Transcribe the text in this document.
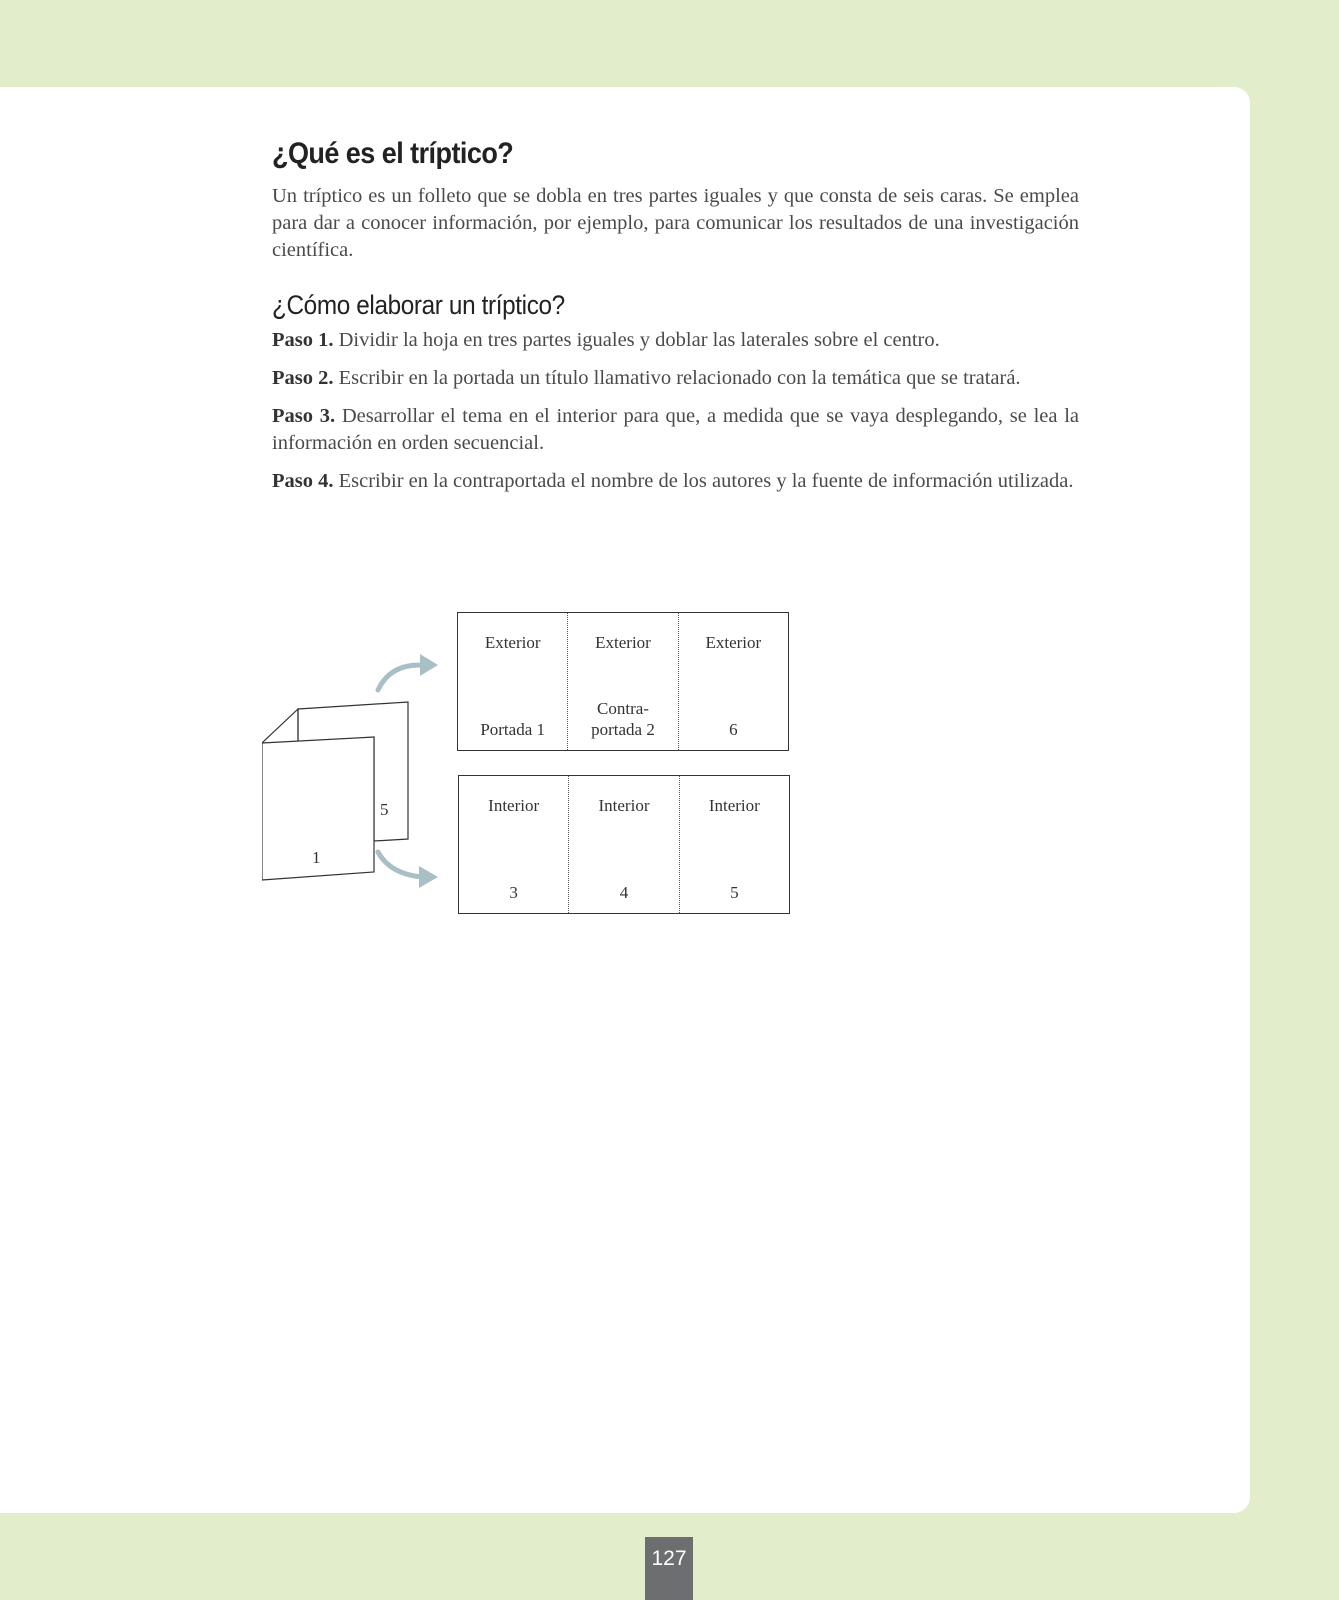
¿Qué es el tríptico?

Un tríptico es un folleto que se dobla en tres partes iguales y que consta de seis caras. Se emplea para dar a conocer información, por ejemplo, para comunicar los resultados de una investigación científica.

¿Cómo elaborar un tríptico?

Paso 1. Dividir la hoja en tres partes iguales y doblar las laterales sobre el centro.

Paso 2. Escribir en la portada un título llamativo relacionado con la temática que se tratará.

Paso 3. Desarrollar el tema en el interior para que, a medida que se vaya desplegando, se lea la información en orden secuencial.

Paso 4. Escribir en la contraportada el nombre de los autores y la fuente de información utilizada.

5
1
Exterior
Portada 1
Exterior
Contra-
portada 2
Exterior
6
Interior
3
Interior
4
Interior
5
127
